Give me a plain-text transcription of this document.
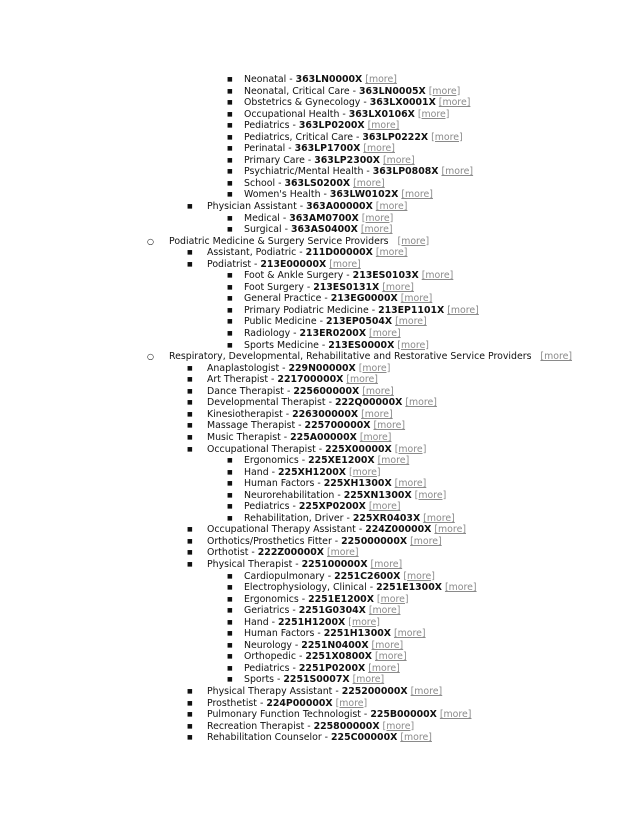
■ Neonatal - 363LN0000X [more]
■ Neonatal, Critical Care - 363LN0005X [more]
■ Obstetrics & Gynecology - 363LX0001X [more]
■ Occupational Health - 363LX0106X [more]
■ Pediatrics - 363LP0200X [more]
■ Pediatrics, Critical Care - 363LP0222X [more]
■ Perinatal - 363LP1700X [more]
■ Primary Care - 363LP2300X [more]
■ Psychiatric/Mental Health - 363LP0808X [more]
■ School - 363LS0200X [more]
■ Women's Health - 363LW0102X [more]
■ Physician Assistant - 363A00000X [more]
■ Medical - 363AM0700X [more]
■ Surgical - 363AS0400X [more]
○ Podiatric Medicine & Surgery Service Providers [more]
■ Assistant, Podiatric - 211D00000X [more]
■ Podiatrist - 213E00000X [more]
■ Foot & Ankle Surgery - 213ES0103X [more]
■ Foot Surgery - 213ES0131X [more]
■ General Practice - 213EG0000X [more]
■ Primary Podiatric Medicine - 213EP1101X [more]
■ Public Medicine - 213EP0504X [more]
■ Radiology - 213ER0200X [more]
■ Sports Medicine - 213ES0000X [more]
○ Respiratory, Developmental, Rehabilitative and Restorative Service Providers [more]
■ Anaplastologist - 229N00000X [more]
■ Art Therapist - 221700000X [more]
■ Dance Therapist - 225600000X [more]
■ Developmental Therapist - 222Q00000X [more]
■ Kinesiotherapist - 226300000X [more]
■ Massage Therapist - 225700000X [more]
■ Music Therapist - 225A00000X [more]
■ Occupational Therapist - 225X00000X [more]
■ Ergonomics - 225XE1200X [more]
■ Hand - 225XH1200X [more]
■ Human Factors - 225XH1300X [more]
■ Neurorehabilitation - 225XN1300X [more]
■ Pediatrics - 225XP0200X [more]
■ Rehabilitation, Driver - 225XR0403X [more]
■ Occupational Therapy Assistant - 224Z00000X [more]
■ Orthotics/Prosthetics Fitter - 225000000X [more]
■ Orthotist - 222Z00000X [more]
■ Physical Therapist - 225100000X [more]
■ Cardiopulmonary - 2251C2600X [more]
■ Electrophysiology, Clinical - 2251E1300X [more]
■ Ergonomics - 2251E1200X [more]
■ Geriatrics - 2251G0304X [more]
■ Hand - 2251H1200X [more]
■ Human Factors - 2251H1300X [more]
■ Neurology - 2251N0400X [more]
■ Orthopedic - 2251X0800X [more]
■ Pediatrics - 2251P0200X [more]
■ Sports - 2251S0007X [more]
■ Physical Therapy Assistant - 225200000X [more]
■ Prosthetist - 224P00000X [more]
■ Pulmonary Function Technologist - 225B00000X [more]
■ Recreation Therapist - 225800000X [more]
■ Rehabilitation Counselor - 225C00000X [more]
